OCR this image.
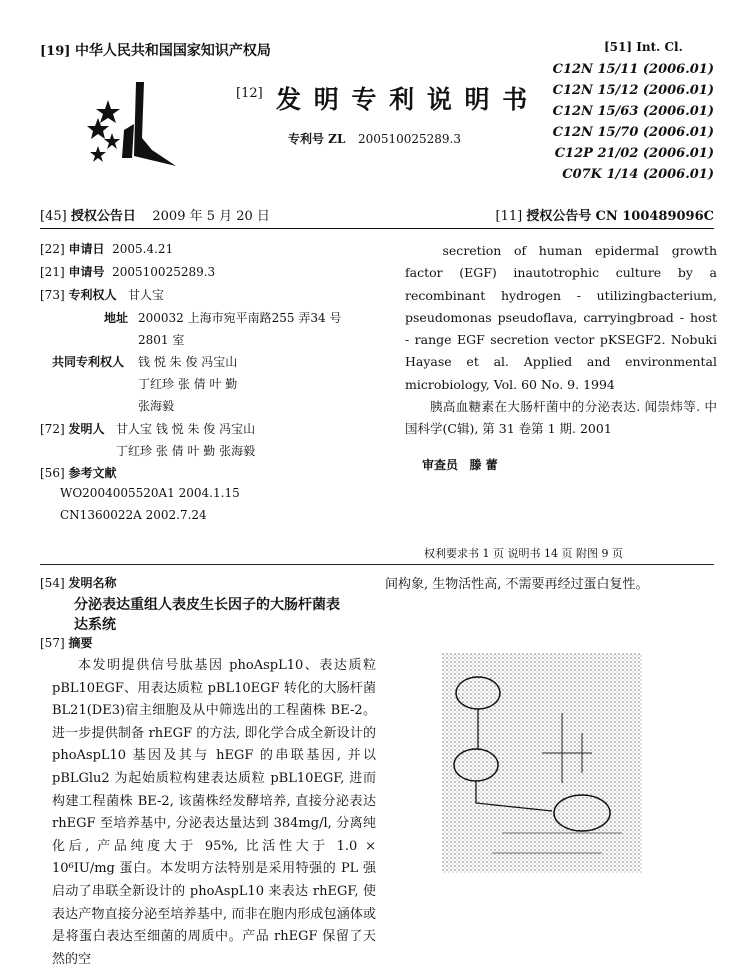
[19] 中华人民共和国国家知识产权局
[12] 发 明 专 利 说 明 书
专利号 ZL 200510025289.3
[51] Int. Cl.
C12N 15/11 (2006.01)
C12N 15/12 (2006.01)
C12N 15/63 (2006.01)
C12N 15/70 (2006.01)
C12P 21/02 (2006.01)
C07K 1/14 (2006.01)
[45] 授权公告日 2009 年 5 月 20 日	[11] 授权公告号 CN 100489096C
[22] 申请日 2005.4.21
[21] 申请号 200510025289.3
[73] 专利权人 甘人宝
地址 200032 上海市宛平南路255 弄34 号
2801 室
共同专利权人 钱 悦 朱 俊 冯宝山
丁红珍 张 倩 叶 勤
张海毅
[72] 发明人 甘人宝 钱 悦 朱 俊 冯宝山
丁红珍 张 倩 叶 勤 张海毅
[56] 参考文献
WO2004005520A1 2004.1.15
CN1360022A 2002.7.24
secretion of human epidermal growth factor (EGF) inautotrophic culture by a recombinant hydrogen - utilizingbacterium, pseudomonas pseudoflava, carryingbroad - host - range EGF secretion vector pKSEGF2. Nobuki Hayase et al. Applied and environmental microbiology, Vol. 60 No. 9. 1994
胰高血糖素在大肠杆菌中的分泌表达. 闻崇炜等. 中国科学(C辑), 第 31 卷第 1 期. 2001
审查员 滕 蕾
权利要求书 1 页 说明书 14 页 附图 9 页
[54] 发明名称
分泌表达重组人表皮生长因子的大肠杆菌表
达系统
[57] 摘要
本发明提供信号肽基因 phoAspL10、表达质粒 pBL10EGF、用表达质粒 pBL10EGF 转化的大肠杆菌 BL21(DE3)宿主细胞及从中筛选出的工程菌株 BE-2。进一步提供制备 rhEGF 的方法, 即化学合成全新设计的 phoAspL10 基因及其与 hEGF 的串联基因, 并以 pBLGlu2 为起始质粒构建表达质粒 pBL10EGF, 进而构建工程菌株 BE-2, 该菌株经发酵培养, 直接分泌表达 rhEGF 至培养基中, 分泌表达量达到 384mg/l, 分离纯化后, 产品纯度大于 95%, 比活性大于 1.0 × 10⁶IU/mg 蛋白。本发明方法特别是采用特强的 PL 强启动了串联全新设计的 phoAspL10 来表达 rhEGF, 使表达产物直接分泌至培养基中, 而非在胞内形成包涵体或是将蛋白表达至细菌的周质中。产品 rhEGF 保留了天然的空
间构象, 生物活性高, 不需要再经过蛋白复性。
